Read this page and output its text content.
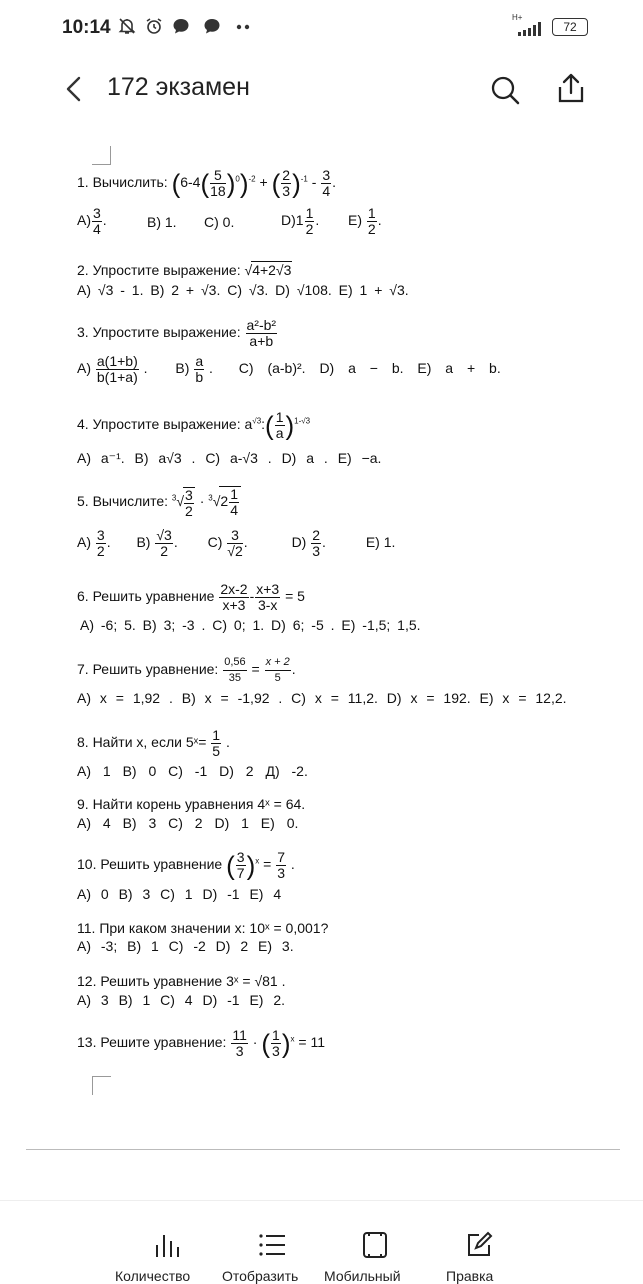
10:14	H+
72
172 экзамен
1. Вычислить: $(6-4( \frac{5}{18} )^0)^{-2}$ + ( $\frac{2}{3} )^{-1} - \frac{3}{4}$ .
$A) \frac{3}{4}$ .	B) 1. C) 0.	$D)1 \frac{1}{2}$ . $E) \frac{1}{2}$ .
2. Упростите выражение: √4+2√3
A) √3 - 1. B) 2 + √3. C) √3. D) √108. E) 1 + √3.
3. Упростите выражение: $\frac{\text{a²-b²}}{a+b}$
$A) \frac{a(1+b)}{b(1+a)}$ . $B) \frac{a}{b}$ . C) (a-b)². D) a − b. E) a + b.
4. Упростите выражение: $a^{√3}:( \frac{1}{a} )^{1-√3}$
A) a⁻¹. B) a√3 . C) a-√3 . D) a . E) −a.
5. Вычислите: $^3√ \frac{3}{2} \cdot ^3√2 \frac{1}{4}$
$A) \frac{3}{2}$ . $B) \frac{√3}{2}$ . $C) \frac{3}{√2}$ .	$D) \frac{2}{3}$ .	E) 1.
6. Решить уравнение $\frac{2x-2}{x+3} - \frac{x+3}{3-x} = 5$
A) -6; 5. B) 3; -3 . C) 0; 1. D) 6; -5 . E) -1,5; 1,5.
7. Решить уравнение: $\frac{0,56}{35} = \frac{x + 2}{5}$ .
A) x = 1,92 . B) x = -1,92 . C) x = 11,2. D) x = 192. E) x = 12,2.
8. Найти x, если 5ˣ= $\frac{1}{5}$ .
A) 1 B) 0 C) -1 D) 2 Д) -2.
9. Найти корень уравнения 4ˣ = 64.
A) 4 B) 3 C) 2 D) 1 E) 0.
10. Решить уравнение ( $\frac{3}{7} )^x = \frac{7}{3}$ .
A) 0 B) 3 C) 1 D) -1 E) 4
11. При каком значении x: 10ˣ = 0,001?
A) -3; B) 1 C) -2 D) 2 E) 3.
12. Решить уравнение 3ˣ = √81 .
A) 3 B) 1 C) 4 D) -1 E) 2.
13. Решите уравнение: $\frac{11}{3}$ · ( $\frac{1}{3} )^x = 11$
Количество Отобразить Мобильный	Правка
